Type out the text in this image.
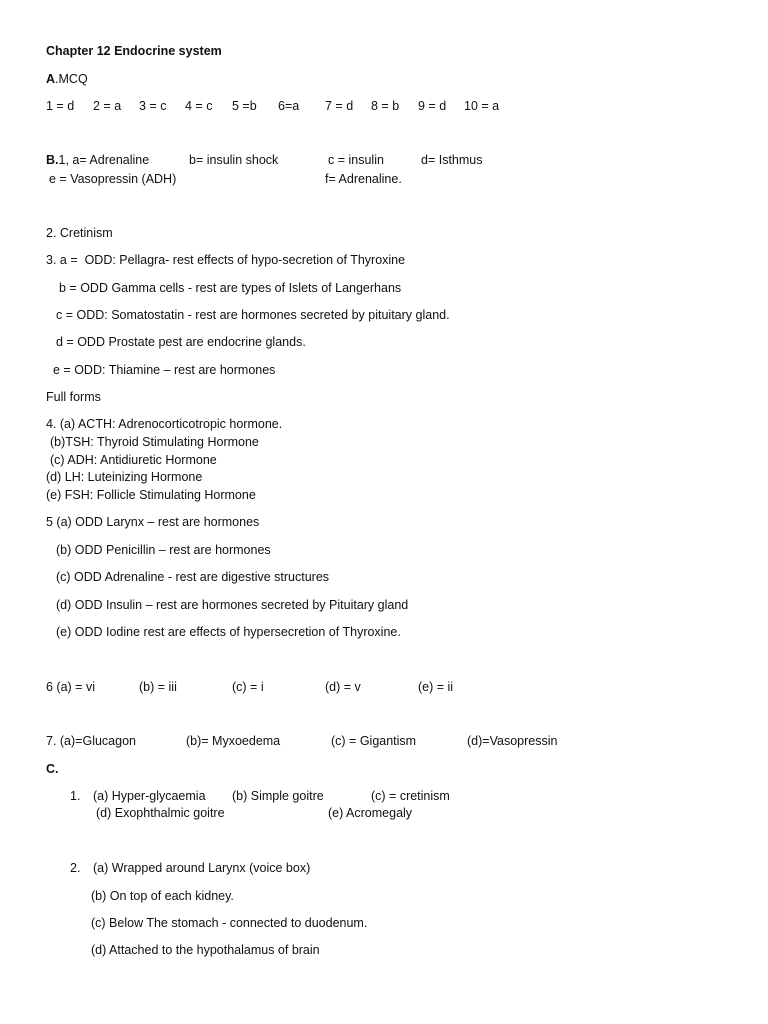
Chapter 12 Endocrine system
A.MCQ
1 = d 2 = a 3 = c 4 = c 5 =b 6=a 7 = d 8 = b 9 = d 10 = a
B.1, a= Adrenaline	b= insulin shock	c = insulin	d= Isthmus
e = Vasopressin (ADH)	f= Adrenaline.
2. Cretinism
3. a =  ODD: Pellagra- rest effects of hypo-secretion of Thyroxine
b = ODD Gamma cells - rest are types of Islets of Langerhans
c = ODD: Somatostatin - rest are hormones secreted by pituitary gland.
d = ODD Prostate pest are endocrine glands.
e = ODD: Thiamine – rest are hormones
Full forms
4. (a) ACTH: Adrenocorticotropic hormone.
(b)TSH: Thyroid Stimulating Hormone
(c) ADH: Antidiuretic Hormone
(d) LH: Luteinizing Hormone
(e) FSH: Follicle Stimulating Hormone
5 (a) ODD Larynx – rest are hormones
(b) ODD Penicillin – rest are hormones
(c) ODD Adrenaline - rest are digestive structures
(d) ODD Insulin – rest are hormones secreted by Pituitary gland
(e) ODD Iodine rest are effects of hypersecretion of Thyroxine.
6 (a) = vi	(b) = iii	(c) = i	(d) = v	(e) = ii
7. (a)=Glucagon	(b)= Myxoedema	(c) = Gigantism	(d)=Vasopressin
C.
1. (a) Hyper-glycaemia (b) Simple goitre	(c) = cretinism
(d) Exophthalmic goitre	(e) Acromegaly
2. (a) Wrapped around Larynx (voice box)
(b) On top of each kidney.
(c) Below The stomach - connected to duodenum.
(d) Attached to the hypothalamus of brain
